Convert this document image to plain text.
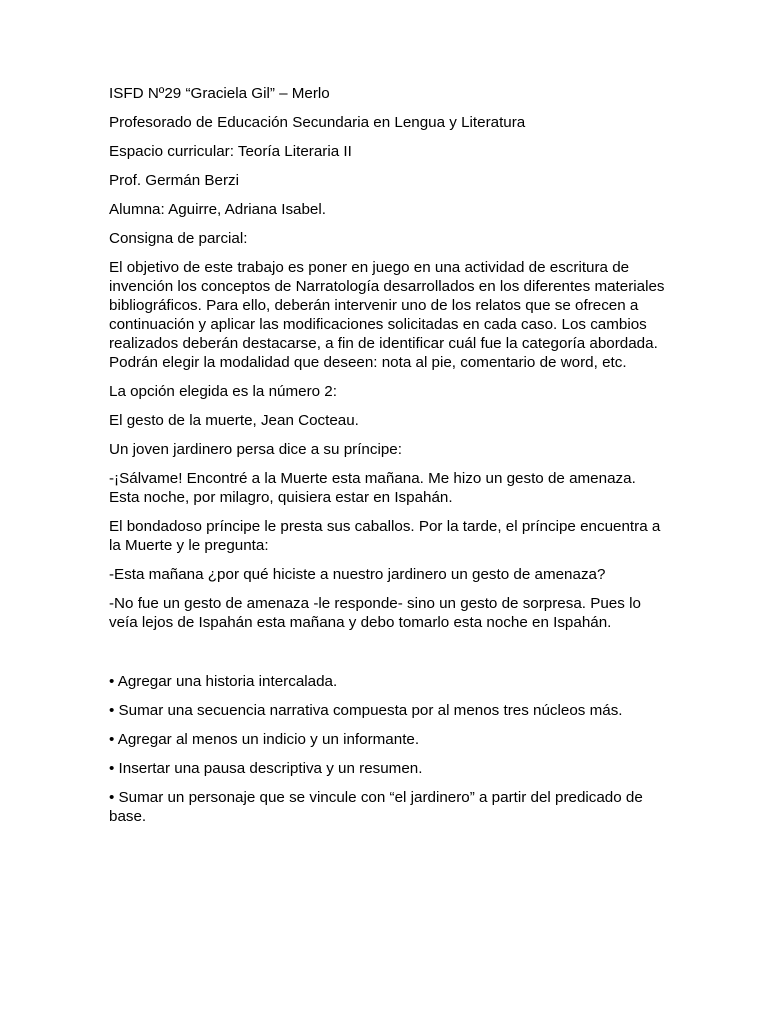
ISFD Nº29 “Graciela Gil” – Merlo

Profesorado de Educación Secundaria en Lengua y Literatura

Espacio curricular: Teoría Literaria II

Prof. Germán Berzi

Alumna: Aguirre, Adriana Isabel.

Consigna de parcial:

El objetivo de este trabajo es poner en juego en una actividad de escritura de invención los conceptos de Narratología desarrollados en los diferentes materiales bibliográficos. Para ello, deberán intervenir uno de los relatos que se ofrecen a continuación y aplicar las modificaciones solicitadas en cada caso. Los cambios realizados deberán destacarse, a fin de identificar cuál fue la categoría abordada. Podrán elegir la modalidad que deseen: nota al pie, comentario de word, etc.

La opción elegida es la número 2:

El gesto de la muerte, Jean Cocteau.

Un joven jardinero persa dice a su príncipe:

-¡Sálvame! Encontré a la Muerte esta mañana. Me hizo un gesto de amenaza. Esta noche, por milagro, quisiera estar en Ispahán.

El bondadoso príncipe le presta sus caballos. Por la tarde, el príncipe encuentra a la Muerte y le pregunta:

-Esta mañana ¿por qué hiciste a nuestro jardinero un gesto de amenaza?

-No fue un gesto de amenaza -le responde- sino un gesto de sorpresa. Pues lo veía lejos de Ispahán esta mañana y debo tomarlo esta noche en Ispahán.

• Agregar una historia intercalada.

• Sumar una secuencia narrativa compuesta por al menos tres núcleos más.

• Agregar al menos un indicio y un informante.

• Insertar una pausa descriptiva y un resumen.

• Sumar un personaje que se vincule con “el jardinero” a partir del predicado de base.
